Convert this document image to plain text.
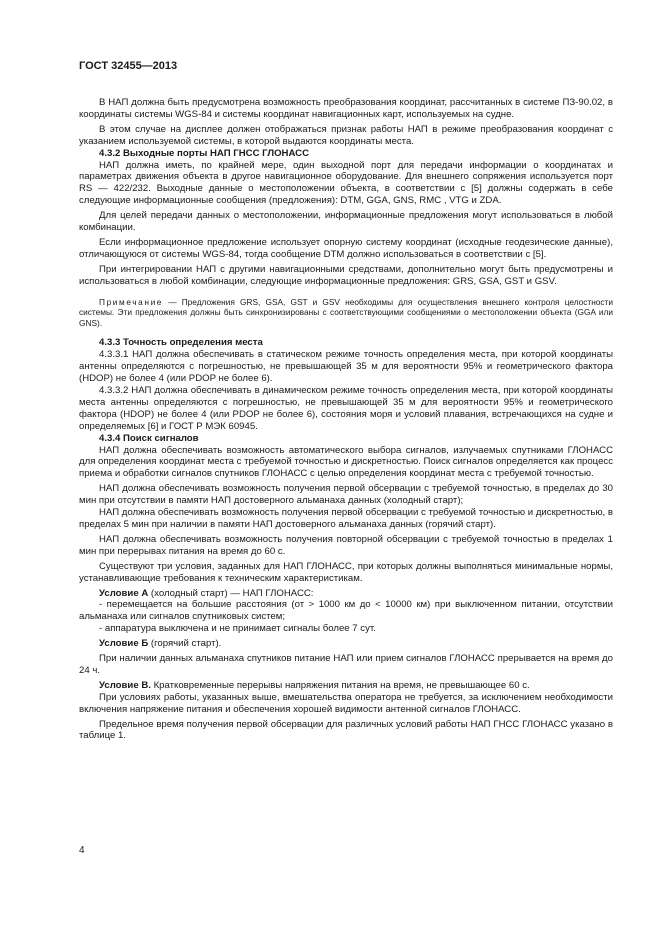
ГОСТ 32455—2013

В НАП должна быть предусмотрена возможность преобразования координат, рассчитанных в системе ПЗ-90.02, в координаты системы WGS-84 и системы координат навигационных карт, используемых на судне.

В этом случае на дисплее должен отображаться признак работы НАП в режиме преобразования координат с указанием используемой системы, в которой выдаются координаты места.

4.3.2 Выходные порты НАП ГНСС ГЛОНАСС

НАП должна иметь, по крайней мере, один выходной порт для передачи информации о координатах и параметрах движения объекта в другое навигационное оборудование. Для внешнего сопряжения используется порт RS — 422/232. Выходные данные о местоположении объекта, в соответствии с [5] должны содержать в себе следующие информационные сообщения (предложения): DTM, GGA, GNS, RMC , VTG и ZDA.

Для целей передачи данных о местоположении, информационные предложения могут использоваться в любой комбинации.

Если информационное предложение использует опорную систему координат (исходные геодезические данные), отличающуюся от системы WGS-84, тогда сообщение DTM должно использоваться в соответствии с [5].

При интегрировании НАП с другими навигационными средствами, дополнительно могут быть предусмотрены и использоваться в любой комбинации, следующие информационные предложения: GRS, GSA, GST и GSV.

Примечание — Предложения GRS, GSA, GST и GSV необходимы для осуществления внешнего контроля целостности системы. Эти предложения должны быть синхронизированы с соответствующими сообщениями о местоположении объекта (GGA или GNS).

4.3.3 Точность определения места

4.3.3.1 НАП должна обеспечивать в статическом режиме точность определения места, при которой координаты антенны определяются с погрешностью, не превышающей 35 м для вероятности 95% и геометрического фактора (HDOP) не более 4 (или PDOP не более 6).

4.3.3.2 НАП должна обеспечивать в динамическом режиме точность определения места, при которой координаты места антенны определяются с погрешностью, не превышающей 35 м для вероятности 95% и геометрического фактора (HDOP) не более 4 (или PDOP не более 6), состояния моря и условий плавания, встречающихся на судне и определяемых [6] и ГОСТ Р МЭК 60945.

4.3.4 Поиск сигналов

НАП должна обеспечивать возможность автоматического выбора сигналов, излучаемых спутниками ГЛОНАСС для определения координат места с требуемой точностью и дискретностью. Поиск сигналов определяется как процесс приема и обработки сигналов спутников ГЛОНАСС с целью определения координат места с требуемой точностью.

НАП должна обеспечивать возможность получения первой обсервации с требуемой точностью, в пределах до 30 мин при отсутствии в памяти НАП достоверного альманаха данных (холодный старт);

НАП должна обеспечивать возможность получения первой обсервации с требуемой точностью и дискретностью, в пределах 5 мин при наличии в памяти НАП достоверного альманаха данных (горячий старт).

НАП должна обеспечивать возможность получения повторной обсервации с требуемой точностью в пределах 1 мин при перерывах питания на время до 60 с.

Существуют три условия, заданных для НАП ГЛОНАСС, при которых должны выполняться минимальные нормы, устанавливающие требования к техническим характеристикам.

Условие А (холодный старт) — НАП ГЛОНАСС:

- перемещается на большие расстояния (от > 1000 км до < 10000 км) при выключенном питании, отсутствии альманаха или сигналов спутниковых систем;

- аппаратура выключена и не принимает сигналы более 7 сут.

Условие Б (горячий старт).

При наличии данных альманаха спутников питание НАП или прием сигналов ГЛОНАСС прерывается на время до 24 ч.

Условие В. Кратковременные перерывы напряжения питания на время, не превышающее 60 с.

При условиях работы, указанных выше, вмешательства оператора не требуется, за исключением необходимости включения напряжение питания и обеспечения хорошей видимости антенной сигналов ГЛОНАСС.

Предельное время получения первой обсервации для различных условий работы НАП ГНСС ГЛОНАСС указано в таблице 1.

4
